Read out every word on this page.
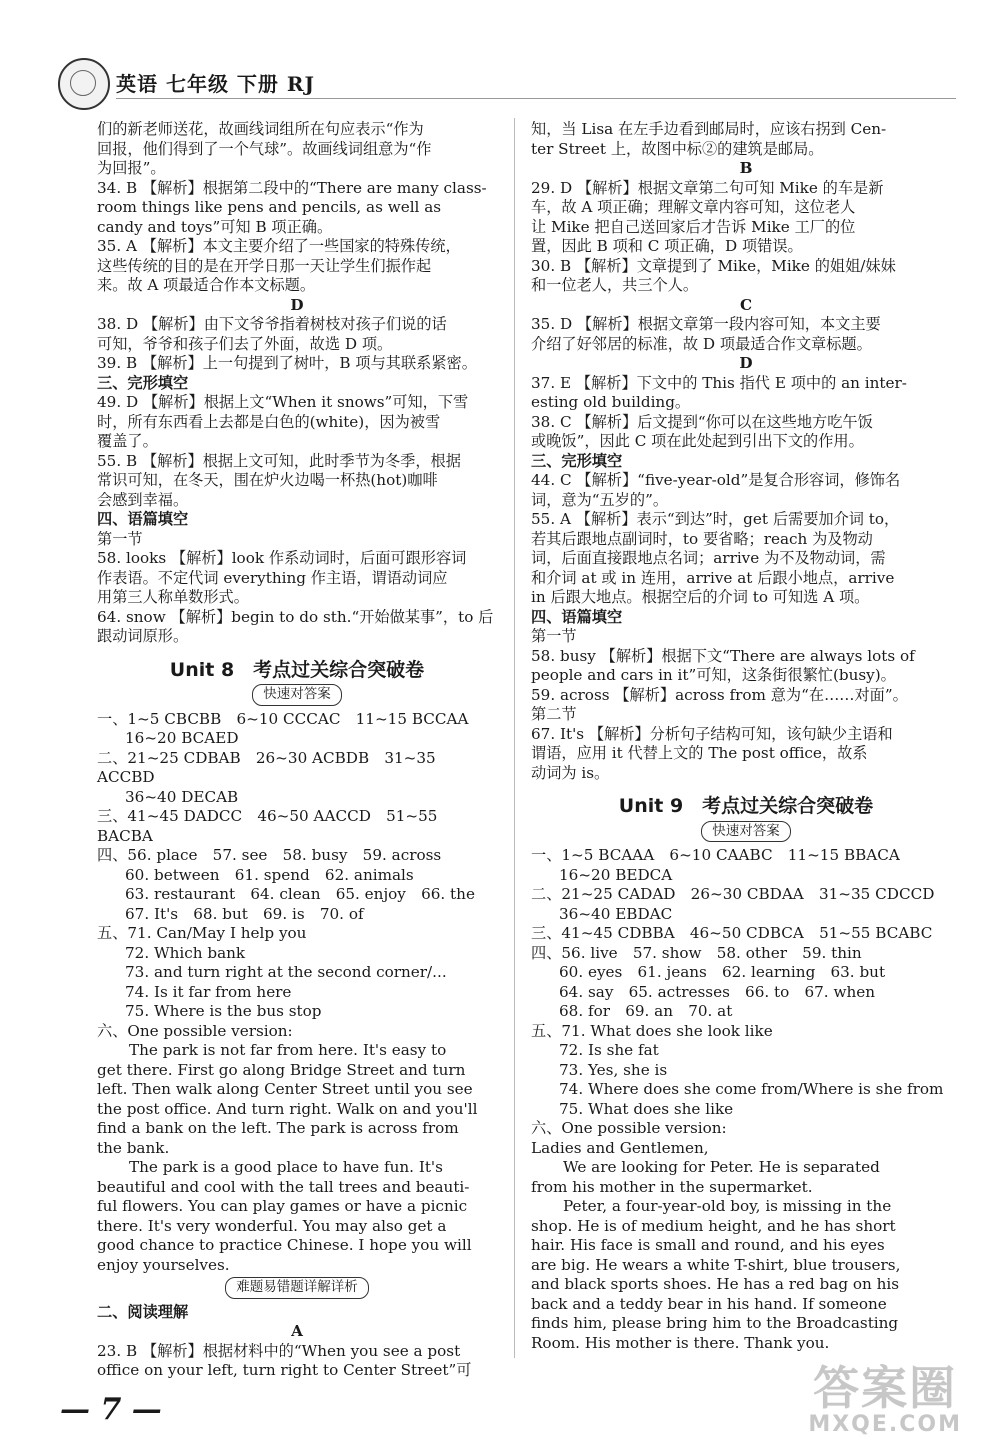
英语 七年级 下册 RJ
们的新老师送花，故画线词组所在句应表示“作为
回报，他们得到了一个气球”。故画线词组意为“作
为回报”。
34. B 【解析】根据第二段中的“There are many class-
room things like pens and pencils, as well as
candy and toys”可知 B 项正确。
35. A 【解析】本文主要介绍了一些国家的特殊传统，
这些传统的目的是在开学日那一天让学生们振作起
来。故 A 项最适合作本文标题。
D
38. D 【解析】由下文爷爷指着树枝对孩子们说的话
可知，爷爷和孩子们去了外面，故选 D 项。
39. B 【解析】上一句提到了树叶，B 项与其联系紧密。
三、完形填空
49. D 【解析】根据上文“When it snows”可知，下雪
时，所有东西看上去都是白色的(white)，因为被雪
覆盖了。
55. B 【解析】根据上文可知，此时季节为冬季，根据
常识可知，在冬天，围在炉火边喝一杯热(hot)咖啡
会感到幸福。
四、语篇填空
第一节
58. looks 【解析】look 作系动词时，后面可跟形容词
作表语。不定代词 everything 作主语，谓语动词应
用第三人称单数形式。
64. snow 【解析】begin to do sth.“开始做某事”，to 后
跟动词原形。
Unit 8　考点过关综合突破卷
快速对答案
一、1~5 CBCBB　6~10 CCCAC　11~15 BCCAA
16~20 BCAED
二、21~25 CDBAB　26~30 ACBDB　31~35 ACCBD
36~40 DECAB
三、41~45 DADCC　46~50 AACCD　51~55 BACBA
四、56. place　57. see　58. busy　59. across
60. between　61. spend　62. animals
63. restaurant　64. clean　65. enjoy　66. the
67. It's　68. but　69. is　70. of
五、71. Can/May I help you
72. Which bank
73. and turn right at the second corner/...
74. Is it far from here
75. Where is the bus stop
六、One possible version:
The park is not far from here. It's easy to
get there. First go along Bridge Street and turn
left. Then walk along Center Street until you see
the post office. And turn right. Walk on and you'll
find a bank on the left. The park is across from
the bank.
The park is a good place to have fun. It's
beautiful and cool with the tall trees and beauti-
ful flowers. You can play games or have a picnic
there. It's very wonderful. You may also get a
good chance to practice Chinese. I hope you will
enjoy yourselves.
难题易错题详解详析
二、阅读理解
A
23. B 【解析】根据材料中的“When you see a post
office on your left, turn right to Center Street”可
知，当 Lisa 在左手边看到邮局时，应该右拐到 Cen-
ter Street 上，故图中标②的建筑是邮局。
B
29. D 【解析】根据文章第二句可知 Mike 的车是新
车，故 A 项正确；理解文章内容可知，这位老人
让 Mike 把自己送回家后才告诉 Mike 工厂的位
置，因此 B 项和 C 项正确，D 项错误。
30. B 【解析】文章提到了 Mike，Mike 的姐姐/妹妹
和一位老人，共三个人。
C
35. D 【解析】根据文章第一段内容可知，本文主要
介绍了好邻居的标准，故 D 项最适合作文章标题。
D
37. E 【解析】下文中的 This 指代 E 项中的 an inter-
esting old building。
38. C 【解析】后文提到“你可以在这些地方吃午饭
或晚饭”，因此 C 项在此处起到引出下文的作用。
三、完形填空
44. C 【解析】“five-year-old”是复合形容词，修饰名
词，意为“五岁的”。
55. A 【解析】表示“到达”时，get 后需要加介词 to，
若其后跟地点副词时，to 要省略；reach 为及物动
词，后面直接跟地点名词；arrive 为不及物动词，需
和介词 at 或 in 连用，arrive at 后跟小地点，arrive
in 后跟大地点。根据空后的介词 to 可知选 A 项。
四、语篇填空
第一节
58. busy 【解析】根据下文“There are always lots of
people and cars in it”可知，这条街很繁忙(busy)。
59. across 【解析】across from 意为“在……对面”。
第二节
67. It's 【解析】分析句子结构可知，该句缺少主语和
谓语，应用 it 代替上文的 The post office，故系
动词为 is。
Unit 9　考点过关综合突破卷
快速对答案
一、1~5 BCAAA　6~10 CAABC　11~15 BBACA
16~20 BEDCA
二、21~25 CADAD　26~30 CBDAA　31~35 CDCCD
36~40 EBDAC
三、41~45 CDBBA　46~50 CDBCA　51~55 BCABC
四、56. live　57. show　58. other　59. thin
60. eyes　61. jeans　62. learning　63. but
64. say　65. actresses　66. to　67. when
68. for　69. an　70. at
五、71. What does she look like
72. Is she fat
73. Yes, she is
74. Where does she come from/Where is she from
75. What does she like
六、One possible version:
Ladies and Gentlemen,
We are looking for Peter. He is separated
from his mother in the supermarket.
Peter, a four-year-old boy, is missing in the
shop. He is of medium height, and he has short
hair. His face is small and round, and his eyes
are big. He wears a white T-shirt, blue trousers,
and black sports shoes. He has a red bag on his
back and a teddy bear in his hand. If someone
finds him, please bring him to the Broadcasting
Room. His mother is there. Thank you.
— 7 —	答案圈
MXQE.COM
